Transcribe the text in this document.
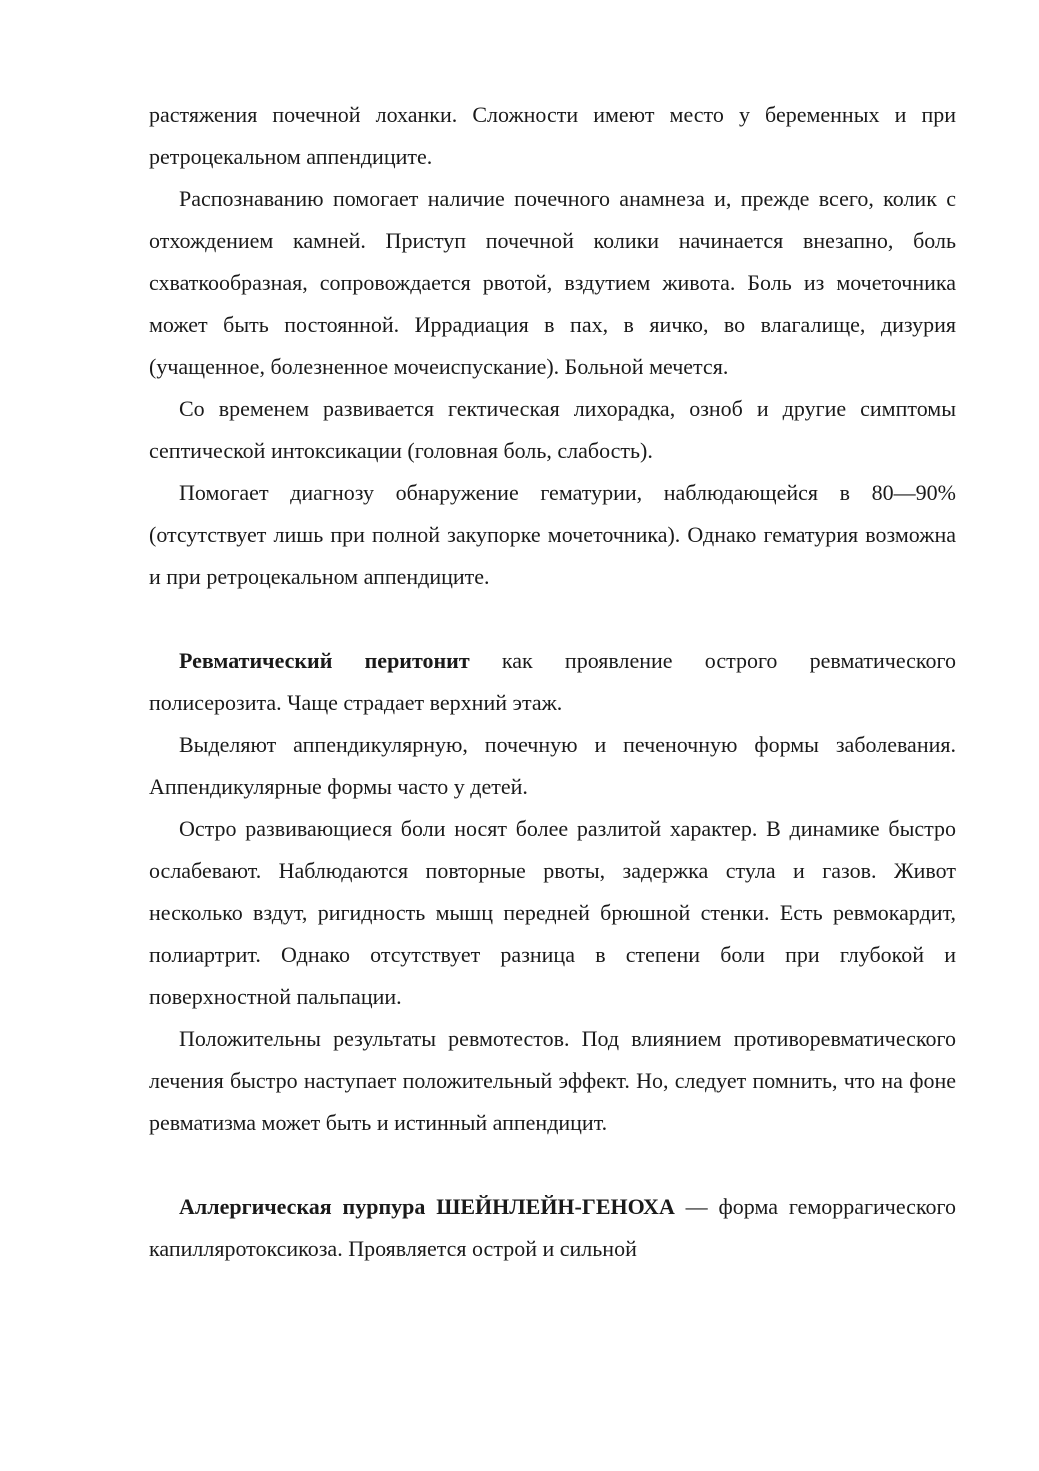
растяжения почечной лоханки. Сложности имеют место у беременных и при ретроцекальном аппендиците.

Распознаванию помогает наличие почечного анамнеза и, прежде всего, колик с отхождением камней. Приступ почечной колики начинается внезапно, боль схваткообразная, сопровождается рвотой, вздутием живота. Боль из мочеточника может быть постоянной. Иррадиация в пах, в яичко, во влагалище, дизурия (учащенное, болезненное мочеиспускание). Больной мечется.

Со временем развивается гектическая лихорадка, озноб и другие симптомы септической интоксикации (головная боль, слабость).

Помогает диагнозу обнаружение гематурии, наблюдающейся в 80—90% (отсутствует лишь при полной закупорке мочеточника). Однако гематурия возможна и при ретроцекальном аппендиците.

Ревматический перитонит как проявление острого ревматического полисерозита. Чаще страдает верхний этаж.

Выделяют аппендикулярную, почечную и печеночную формы заболевания. Аппендикулярные формы часто у детей.

Остро развивающиеся боли носят более разлитой характер. В динамике быстро ослабевают. Наблюдаются повторные рвоты, задержка стула и газов. Живот несколько вздут, ригидность мышц передней брюшной стенки. Есть ревмокардит, полиартрит. Однако отсутствует разница в степени боли при глубокой и поверхностной пальпации.

Положительны результаты ревмотестов. Под влиянием противоревматического лечения быстро наступает положительный эффект. Но, следует помнить, что на фоне ревматизма может быть и истинный аппендицит.

Аллергическая пурпура ШЕЙНЛЕЙН-ГЕНОХА — форма геморрагического капилляротоксикоза. Проявляется острой и сильной
